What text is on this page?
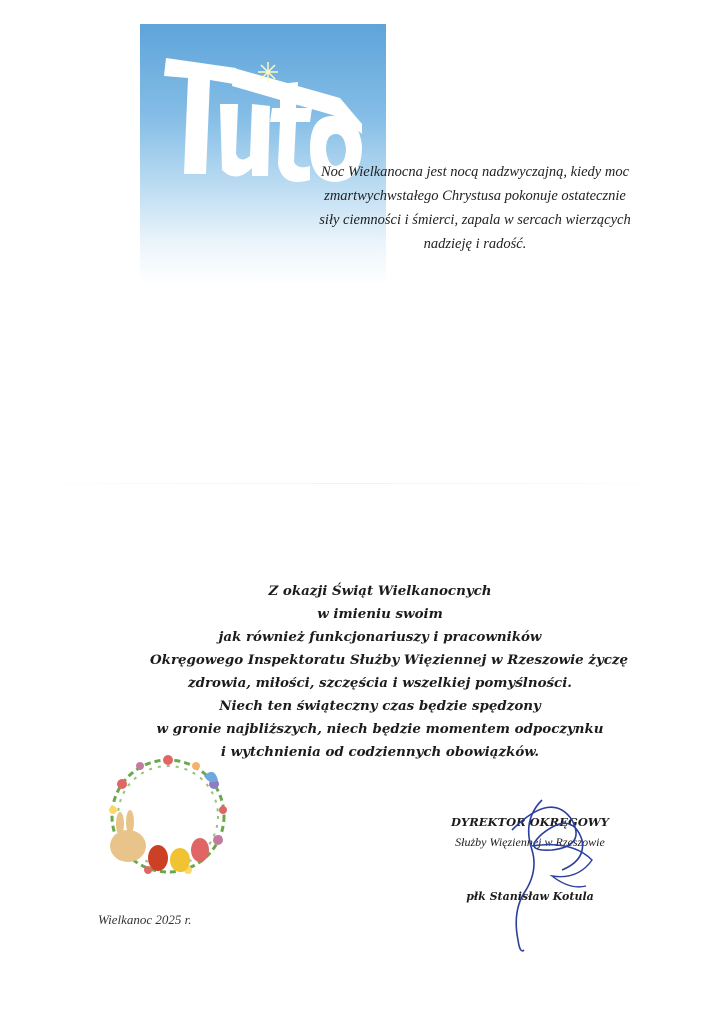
Noc Wielkanocna jest nocą nadzwyczajną, kiedy moc
zmartwychwstałego Chrystusa pokonuje ostatecznie
siły ciemności i śmierci, zapala w sercach wierzących
nadzieję i radość.
Z okazji Świąt Wielkanocnych
w imieniu swoim
jak również funkcjonariuszy i pracowników
Okręgowego Inspektoratu Służby Więziennej w Rzeszowie życzę
zdrowia, miłości, szczęścia i wszelkiej pomyślności.
Niech ten świąteczny czas będzie spędzony
w gronie najbliższych, niech będzie momentem odpoczynku
i wytchnienia od codziennych obowiązków.
Wielkanoc 2025 r.
DYREKTOR OKRĘGOWY
Służby Więziennej w Rzeszowie
płk Stanisław Kotula
